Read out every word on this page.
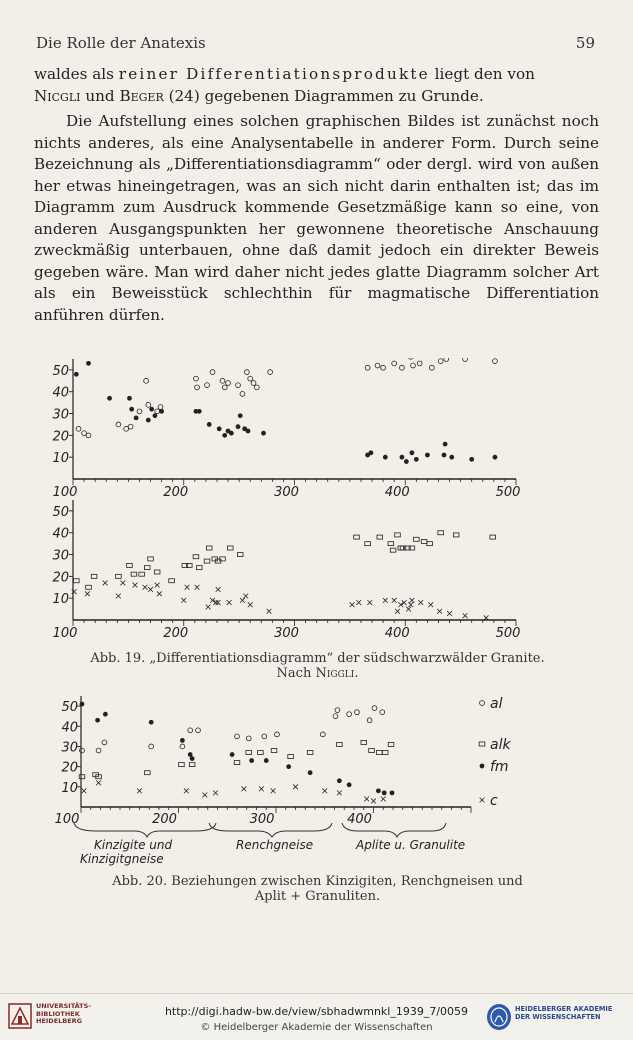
Die Rolle der Anatexis	59

waldes als reiner Differentiationsprodukte liegt den von
Nicgli und Beger (24) gegebenen Diagrammen zu Grunde.

Die Aufstellung eines solchen graphischen Bildes ist zunächst noch nichts anderes, als eine Analysentabelle in anderer Form. Durch seine Bezeichnung als „Differentiationsdiagramm“ oder dergl. wird von außen her etwas hineingetragen, was an sich nicht darin enthalten ist; das im Diagramm zum Ausdruck kommende Gesetzmäßige kann so eine, von anderen Ausgangspunkten her gewonnene theoretische Anschauung zweckmäßig unterbauen, ohne daß damit jedoch ein direkter Beweis gegeben wäre. Man wird daher nicht jedes glatte Diagramm solcher Art als ein Beweisstück schlechthin für magmatische Differentiation anführen dürfen.

100	200	300	400	500
10
20
30
40
50
100	200	300	400	500
10
20
30
40
50
Abb. 19. „Differentiationsdiagramm“ der südschwarzwälder Granite.
Nach Niggli.
100	200	300	400
10
20
30
40
50	al
alk
fm
c
Kinzigite und
Kinzigitgneise
Renchgneise	Aplite u. Granulite
Abb. 20. Beziehungen zwischen Kinzigiten, Renchgneisen und
Aplit + Granuliten.
UNIVERSITÄTS-
BIBLIOTHEK
HEIDELBERG
http://digi.hadw-bw.de/view/sbhadwmnkl_1939_7/0059
© Heidelberger Akademie der Wissenschaften
HEIDELBERGER AKADEMIE
DER WISSENSCHAFTEN
